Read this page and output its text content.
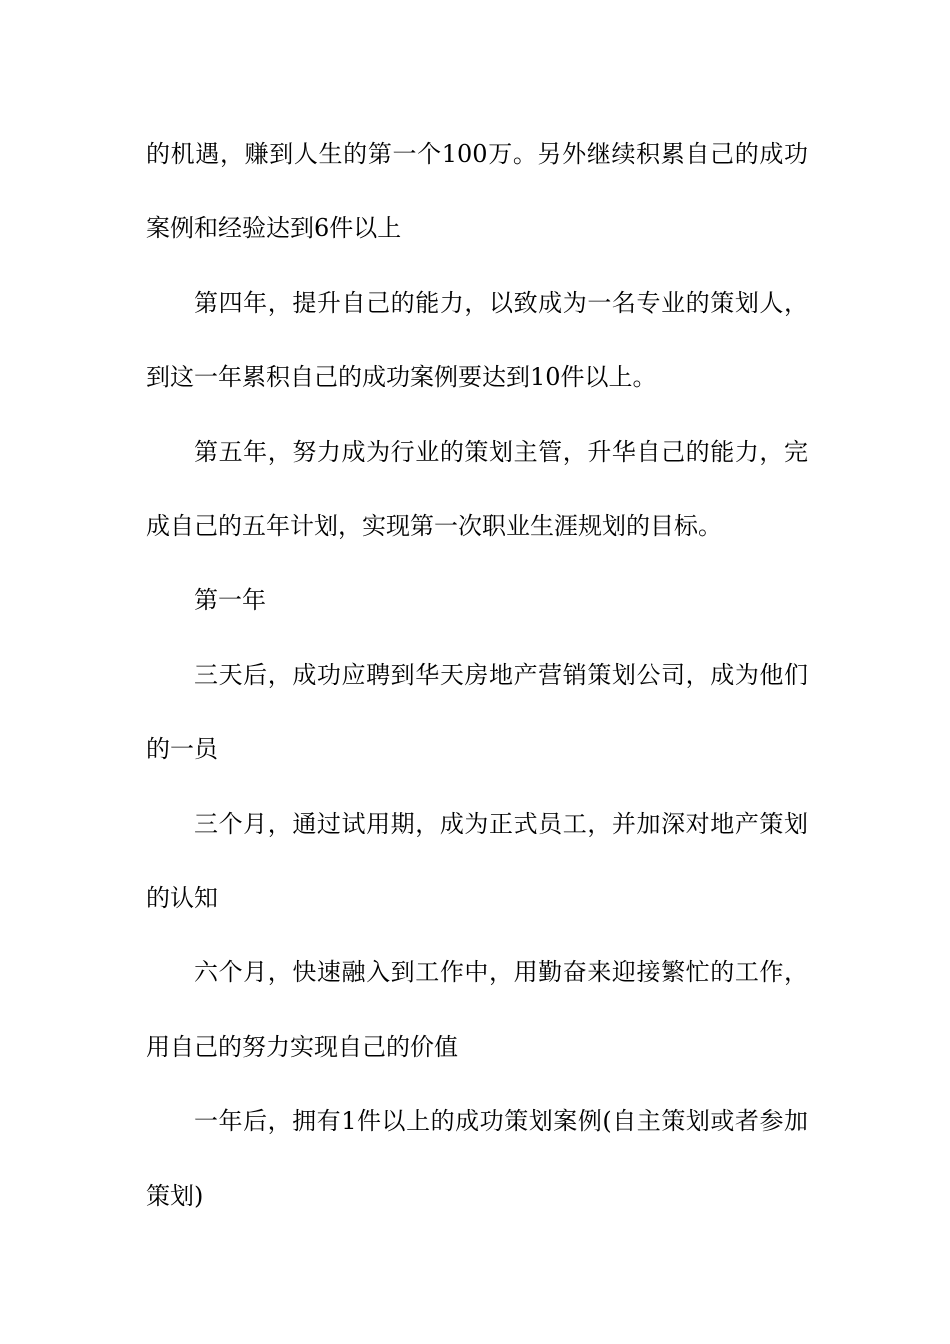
的机遇，赚到人生的第一个100万。另外继续积累自己的成功案例和经验达到6件以上

第四年，提升自己的能力，以致成为一名专业的策划人，到这一年累积自己的成功案例要达到10件以上。

第五年，努力成为行业的策划主管，升华自己的能力，完成自己的五年计划，实现第一次职业生涯规划的目标。

第一年

三天后，成功应聘到华天房地产营销策划公司，成为他们的一员

三个月，通过试用期，成为正式员工，并加深对地产策划的认知

六个月，快速融入到工作中，用勤奋来迎接繁忙的工作，用自己的努力实现自己的价值

一年后，拥有1件以上的成功策划案例(自主策划或者参加策划)
